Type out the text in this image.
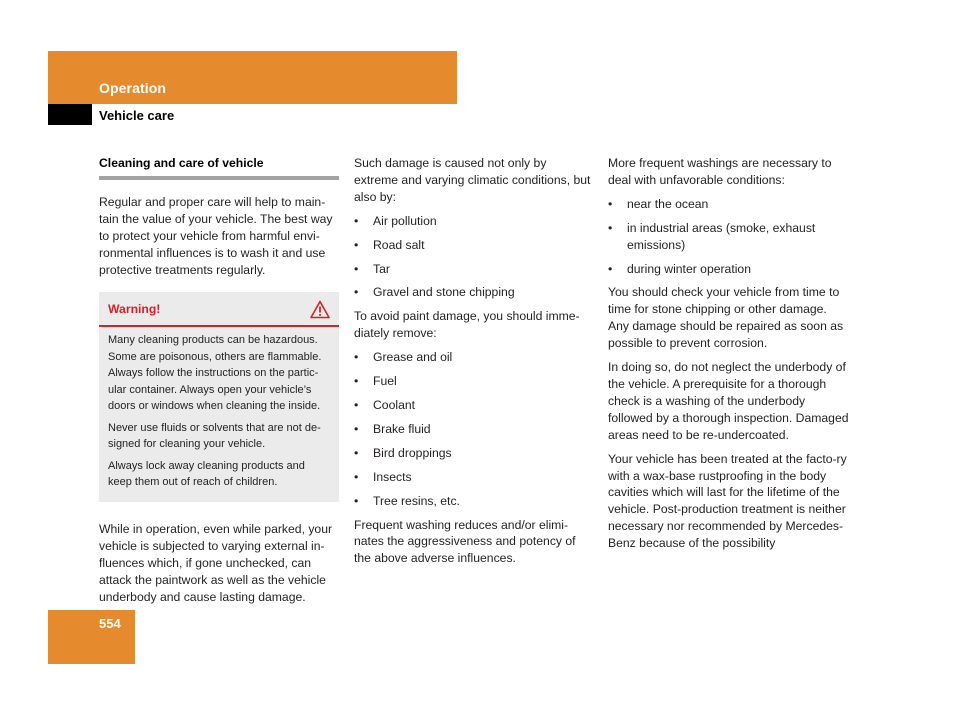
Operation
Vehicle care
Cleaning and care of vehicle

Regular and proper care will help to main-tain the value of your vehicle. The best way to protect your vehicle from harmful envi-ronmental influences is to wash it and use protective treatments regularly.

Warning!

Many cleaning products can be hazardous. Some are poisonous, others are flammable. Always follow the instructions on the partic-ular container. Always open your vehicle’s doors or windows when cleaning the inside.

Never use fluids or solvents that are not de-signed for cleaning your vehicle.

Always lock away cleaning products and keep them out of reach of children.

While in operation, even while parked, your vehicle is subjected to varying external in-fluences which, if gone unchecked, can attack the paintwork as well as the vehicle underbody and cause lasting damage.

Such damage is caused not only by extreme and varying climatic conditions, but also by:

• Air pollution
• Road salt
• Tar
• Gravel and stone chipping

To avoid paint damage, you should imme-diately remove:

• Grease and oil
• Fuel
• Coolant
• Brake fluid
• Bird droppings
• Insects
• Tree resins, etc.

Frequent washing reduces and/or elimi-nates the aggressiveness and potency of the above adverse influences.

More frequent washings are necessary to deal with unfavorable conditions:

• near the ocean
• in industrial areas (smoke, exhaust emissions)
• during winter operation

You should check your vehicle from time to time for stone chipping or other damage. Any damage should be repaired as soon as possible to prevent corrosion.

In doing so, do not neglect the underbody of the vehicle. A prerequisite for a thorough check is a washing of the underbody followed by a thorough inspection. Damaged areas need to be re-undercoated.

Your vehicle has been treated at the facto-ry with a wax-base rustproofing in the body cavities which will last for the lifetime of the vehicle. Post-production treatment is neither necessary nor recommended by Mercedes-Benz because of the possibility

554
